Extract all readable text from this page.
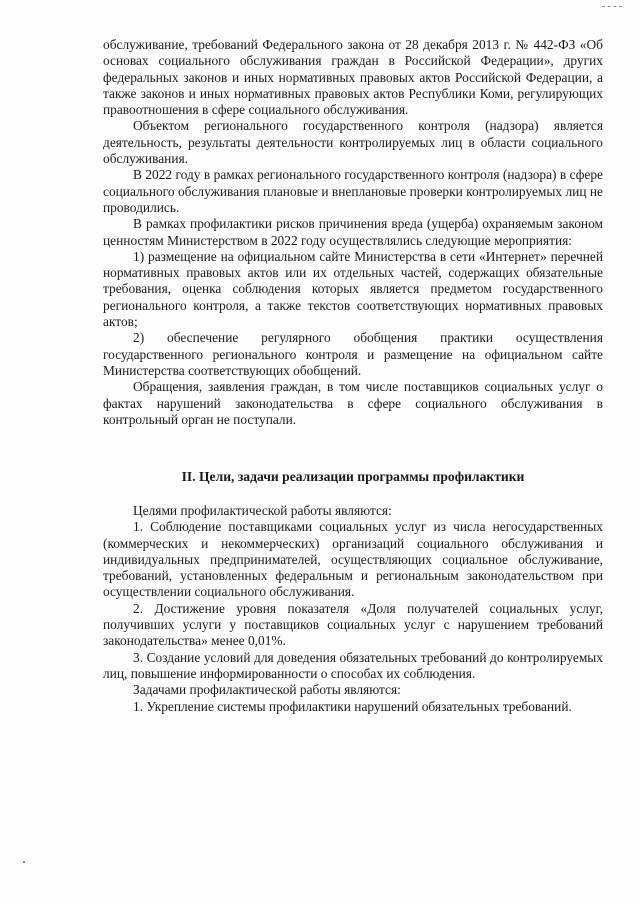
обслуживание, требований Федерального закона от 28 декабря 2013 г. № 442-ФЗ «Об основах социального обслуживания граждан в Российской Федерации», других федеральных законов и иных нормативных правовых актов Российской Федерации, а также законов и иных нормативных правовых актов Республики Коми, регулирующих правоотношения в сфере социального обслуживания.

Объектом регионального государственного контроля (надзора) является деятельность, результаты деятельности контролируемых лиц в области социального обслуживания.

В 2022 году в рамках регионального государственного контроля (надзора) в сфере социального обслуживания плановые и внеплановые проверки контролируемых лиц не проводились.

В рамках профилактики рисков причинения вреда (ущерба) охраняемым законом ценностям Министерством в 2022 году осуществлялись следующие мероприятия:

1) размещение на официальном сайте Министерства в сети «Интернет» перечней нормативных правовых актов или их отдельных частей, содержащих обязательные требования, оценка соблюдения которых является предметом государственного регионального контроля, а также текстов соответствующих нормативных правовых актов;

2) обеспечение регулярного обобщения практики осуществления государственного регионального контроля и размещение на официальном сайте Министерства соответствующих обобщений.

Обращения, заявления граждан, в том числе поставщиков социальных услуг о фактах нарушений законодательства в сфере социального обслуживания в контрольный орган не поступали.

II. Цели, задачи реализации программы профилактики

Целями профилактической работы являются:

1. Соблюдение поставщиками социальных услуг из числа негосударственных (коммерческих и некоммерческих) организаций социального обслуживания и индивидуальных предпринимателей, осуществляющих социальное обслуживание, требований, установленных федеральным и региональным законодательством при осуществлении социального обслуживания.

2. Достижение уровня показателя «Доля получателей социальных услуг, получивших услуги у поставщиков социальных услуг с нарушением требований законодательства» менее 0,01%.

3. Создание условий для доведения обязательных требований до контролируемых лиц, повышение информированности о способах их соблюдения.

Задачами профилактической работы являются:

1. Укрепление системы профилактики нарушений обязательных требований.
